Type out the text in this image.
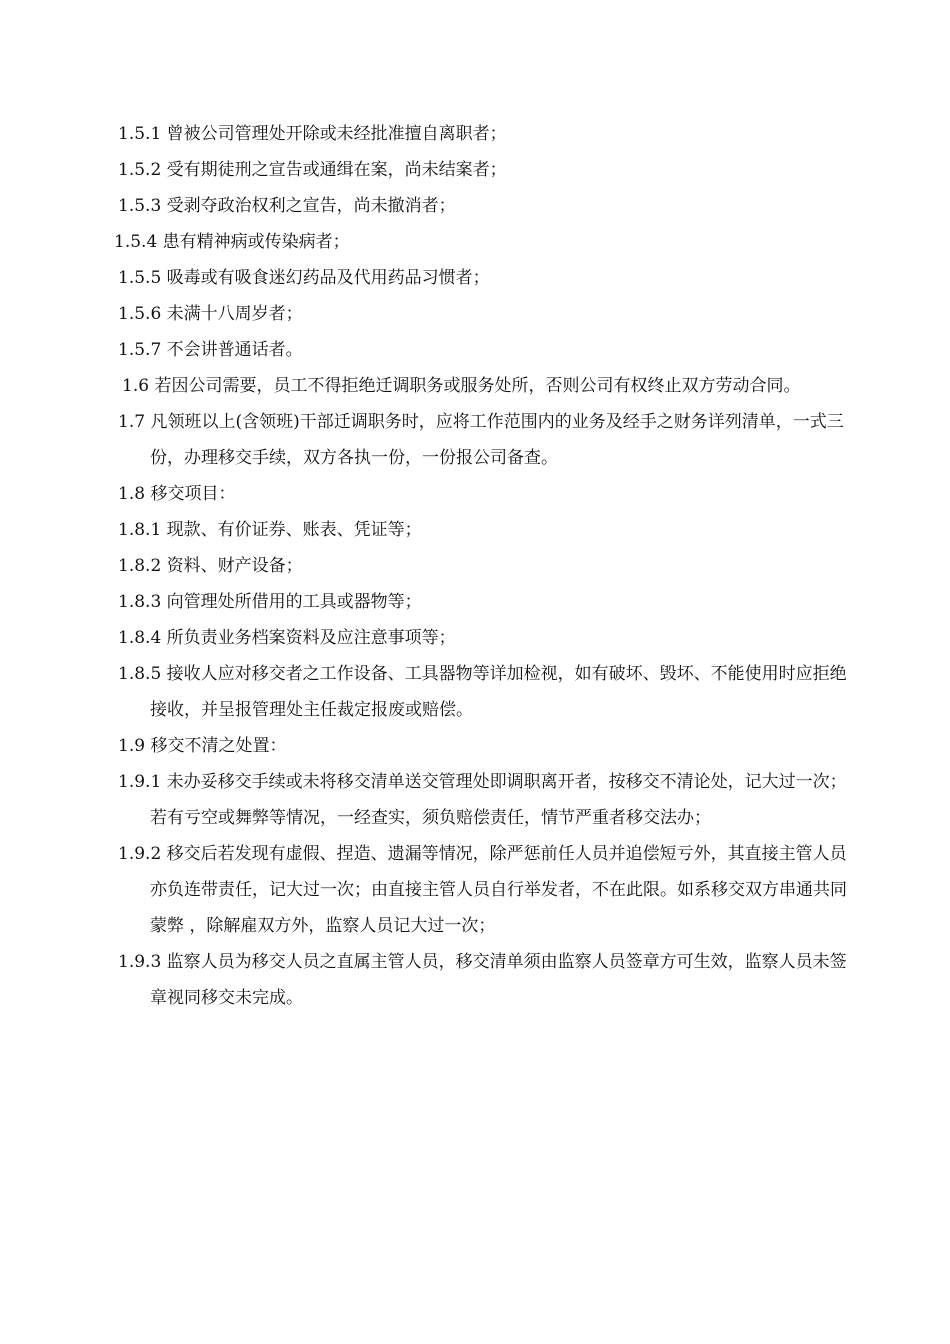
1.5.1 曾被公司管理处开除或未经批准擅自离职者；
1.5.2 受有期徒刑之宣告或通缉在案，尚未结案者；
1.5.3 受剥夺政治权利之宣告，尚未撤消者；
1.5.4 患有精神病或传染病者；
1.5.5 吸毒或有吸食迷幻药品及代用药品习惯者；
1.5.6 未满十八周岁者；
1.5.7 不会讲普通话者。
1.6 若因公司需要，员工不得拒绝迁调职务或服务处所，否则公司有权终止双方劳动合同。
1.7 凡领班以上(含领班)干部迁调职务时，应将工作范围内的业务及经手之财务详列清单，一式三份，办理移交手续，双方各执一份，一份报公司备查。
1.8 移交项目：
1.8.1 现款、有价证券、账表、凭证等；
1.8.2 资料、财产设备；
1.8.3 向管理处所借用的工具或器物等；
1.8.4 所负责业务档案资料及应注意事项等；
1.8.5 接收人应对移交者之工作设备、工具器物等详加检视，如有破坏、毁坏、不能使用时应拒绝接收，并呈报管理处主任裁定报废或赔偿。
1.9 移交不清之处置：
1.9.1 未办妥移交手续或未将移交清单送交管理处即调职离开者，按移交不清论处，记大过一次；若有亏空或舞弊等情况，一经查实，须负赔偿责任，情节严重者移交法办；
1.9.2 移交后若发现有虚假、捏造、遗漏等情况，除严惩前任人员并追偿短亏外，其直接主管人员亦负连带责任，记大过一次；由直接主管人员自行举发者，不在此限。如系移交双方串通共同蒙弊 ，除解雇双方外，监察人员记大过一次；
1.9.3 监察人员为移交人员之直属主管人员，移交清单须由监察人员签章方可生效，监察人员未签章视同移交未完成。
